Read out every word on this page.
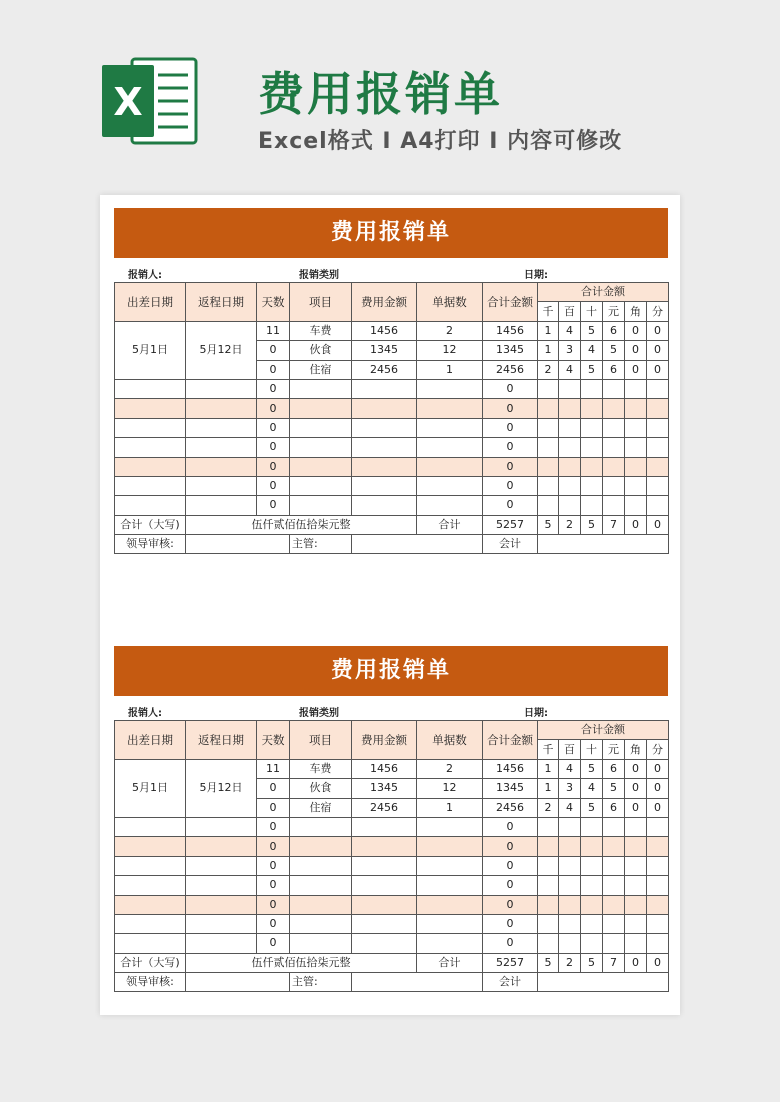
X	费用报销单
Excel格式 I A4打印 I 内容可修改
费用报销单
报销人:	报销类别	日期:
出差日期	返程日期	天数	项目	费用金额	单据数	合计金额	合计金额					
							千	百	十	元	角	分
5月1日	5月12日	11	车费	1456	2	1456	1	4	5	6	0	0
		0	伙食	1345	12	1345	1	3	4	5	0	0
		0	住宿	2456	1	2456	2	4	5	6	0	0
		0				0						
		0				0						
		0				0						
		0				0						
		0				0						
		0				0						
		0				0						
合计（大写)	伍仟贰佰伍拾柒元整				合计	5257	5	2	5	7	0	0
领导审核:			主管:			会计						
费用报销单
报销人:	报销类别	日期:
出差日期	返程日期	天数	项目	费用金额	单据数	合计金额	合计金额					
							千	百	十	元	角	分
5月1日	5月12日	11	车费	1456	2	1456	1	4	5	6	0	0
		0	伙食	1345	12	1345	1	3	4	5	0	0
		0	住宿	2456	1	2456	2	4	5	6	0	0
		0				0						
		0				0						
		0				0						
		0				0						
		0				0						
		0				0						
		0				0						
合计（大写)	伍仟贰佰伍拾柒元整				合计	5257	5	2	5	7	0	0
领导审核:			主管:			会计						
